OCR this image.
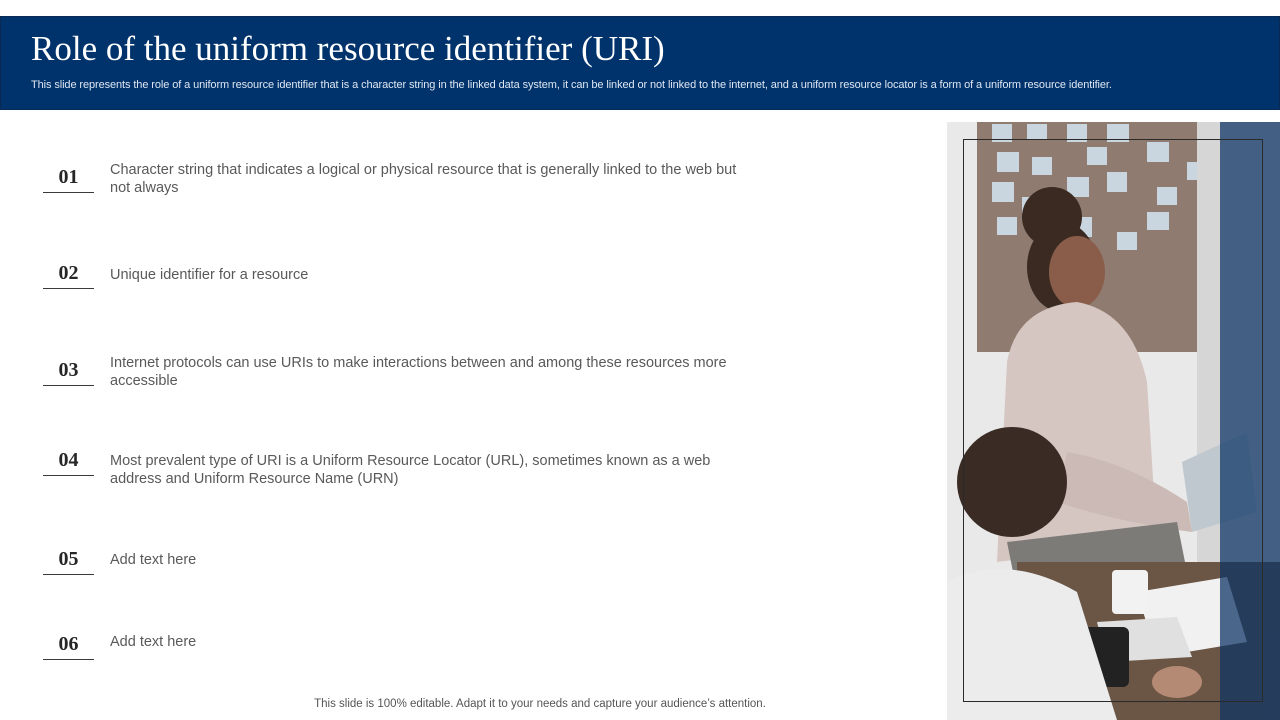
Role of the uniform resource identifier (URI)

This slide represents the role of a uniform resource identifier that is a character string in the linked data system, it can be linked or not linked to the internet, and a uniform resource locator is a form of a uniform resource identifier.

01	Character string that indicates a logical or physical resource that is generally linked to the web but not always
02	Unique identifier for a resource
03	Internet protocols can use URIs to make interactions between and among these resources more accessible
04	Most prevalent type of URI is a Uniform Resource Locator (URL), sometimes known as a web address and Uniform Resource Name (URN)
05	Add text here
06	Add text here
This slide is 100% editable. Adapt it to your needs and capture your audience’s attention.
